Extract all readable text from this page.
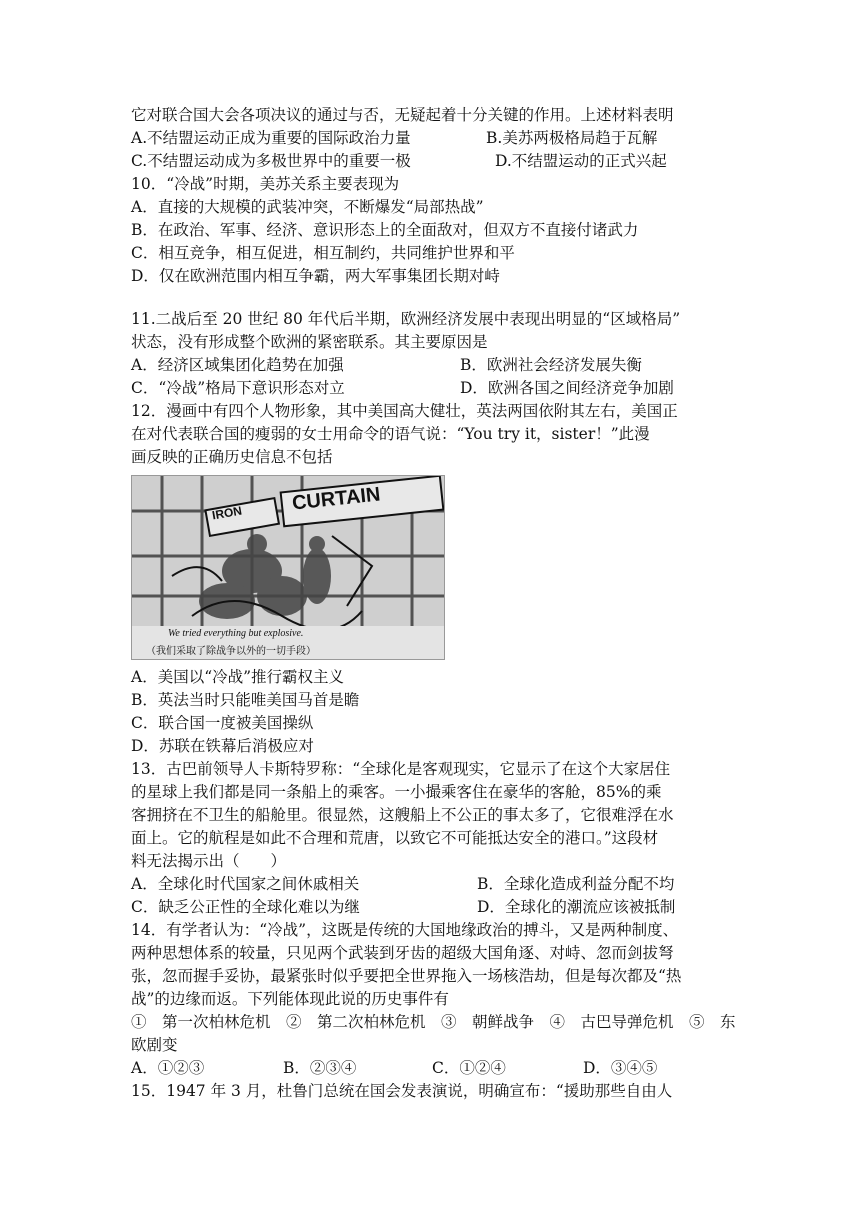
它对联合国大会各项决议的通过与否，无疑起着十分关键的作用。上述材料表明
A.不结盟运动正成为重要的国际政治力量	B.美苏两极格局趋于瓦解
C.不结盟运动成为多极世界中的重要一极	D.不结盟运动的正式兴起
10．“冷战”时期，美苏关系主要表现为
A．直接的大规模的武装冲突，不断爆发“局部热战”
B．在政治、军事、经济、意识形态上的全面敌对，但双方不直接付诸武力
C．相互竞争，相互促进，相互制约，共同维护世界和平
D．仅在欧洲范围内相互争霸，两大军事集团长期对峙
11.二战后至 20 世纪 80 年代后半期，欧洲经济发展中表现出明显的“区域格局”
状态，没有形成整个欧洲的紧密联系。其主要原因是
A．经济区域集团化趋势在加强	B．欧洲社会经济发展失衡
C．“冷战”格局下意识形态对立	D．欧洲各国之间经济竞争加剧
12．漫画中有四个人物形象，其中美国高大健壮，英法两国依附其左右，美国正
在对代表联合国的瘦弱的女士用命令的语气说：“You try it，sister！”此漫
画反映的正确历史信息不包括
IRON CURTAIN
We tried everything but explosive.
（我们采取了除战争以外的一切手段）
A．美国以“冷战”推行霸权主义
B．英法当时只能唯美国马首是瞻
C．联合国一度被美国操纵
D．苏联在铁幕后消极应对
13．古巴前领导人卡斯特罗称：“全球化是客观现实，它显示了在这个大家居住
的星球上我们都是同一条船上的乘客。一小撮乘客住在豪华的客舱，85%的乘
客拥挤在不卫生的船舱里。很显然，这艘船上不公正的事太多了，它很难浮在水
面上。它的航程是如此不合理和荒唐，以致它不可能抵达安全的港口。”这段材
料无法揭示出（　　）
A．全球化时代国家之间休戚相关	B．全球化造成利益分配不均
C．缺乏公正性的全球化难以为继	D．全球化的潮流应该被抵制
14．有学者认为：“冷战”，这既是传统的大国地缘政治的搏斗，又是两种制度、
两种思想体系的较量，只见两个武装到牙齿的超级大国角逐、对峙、忽而剑拔弩
张，忽而握手妥协，最紧张时似乎要把全世界拖入一场核浩劫，但是每次都及“热
战”的边缘而返。下列能体现此说的历史事件有
①　第一次柏林危机　②　第二次柏林危机　③　朝鲜战争　④　古巴导弹危机　⑤　东
欧剧变
A．①②③	B．②③④	C．①②④	D．③④⑤
15．1947 年 3 月，杜鲁门总统在国会发表演说，明确宣布：“援助那些自由人
